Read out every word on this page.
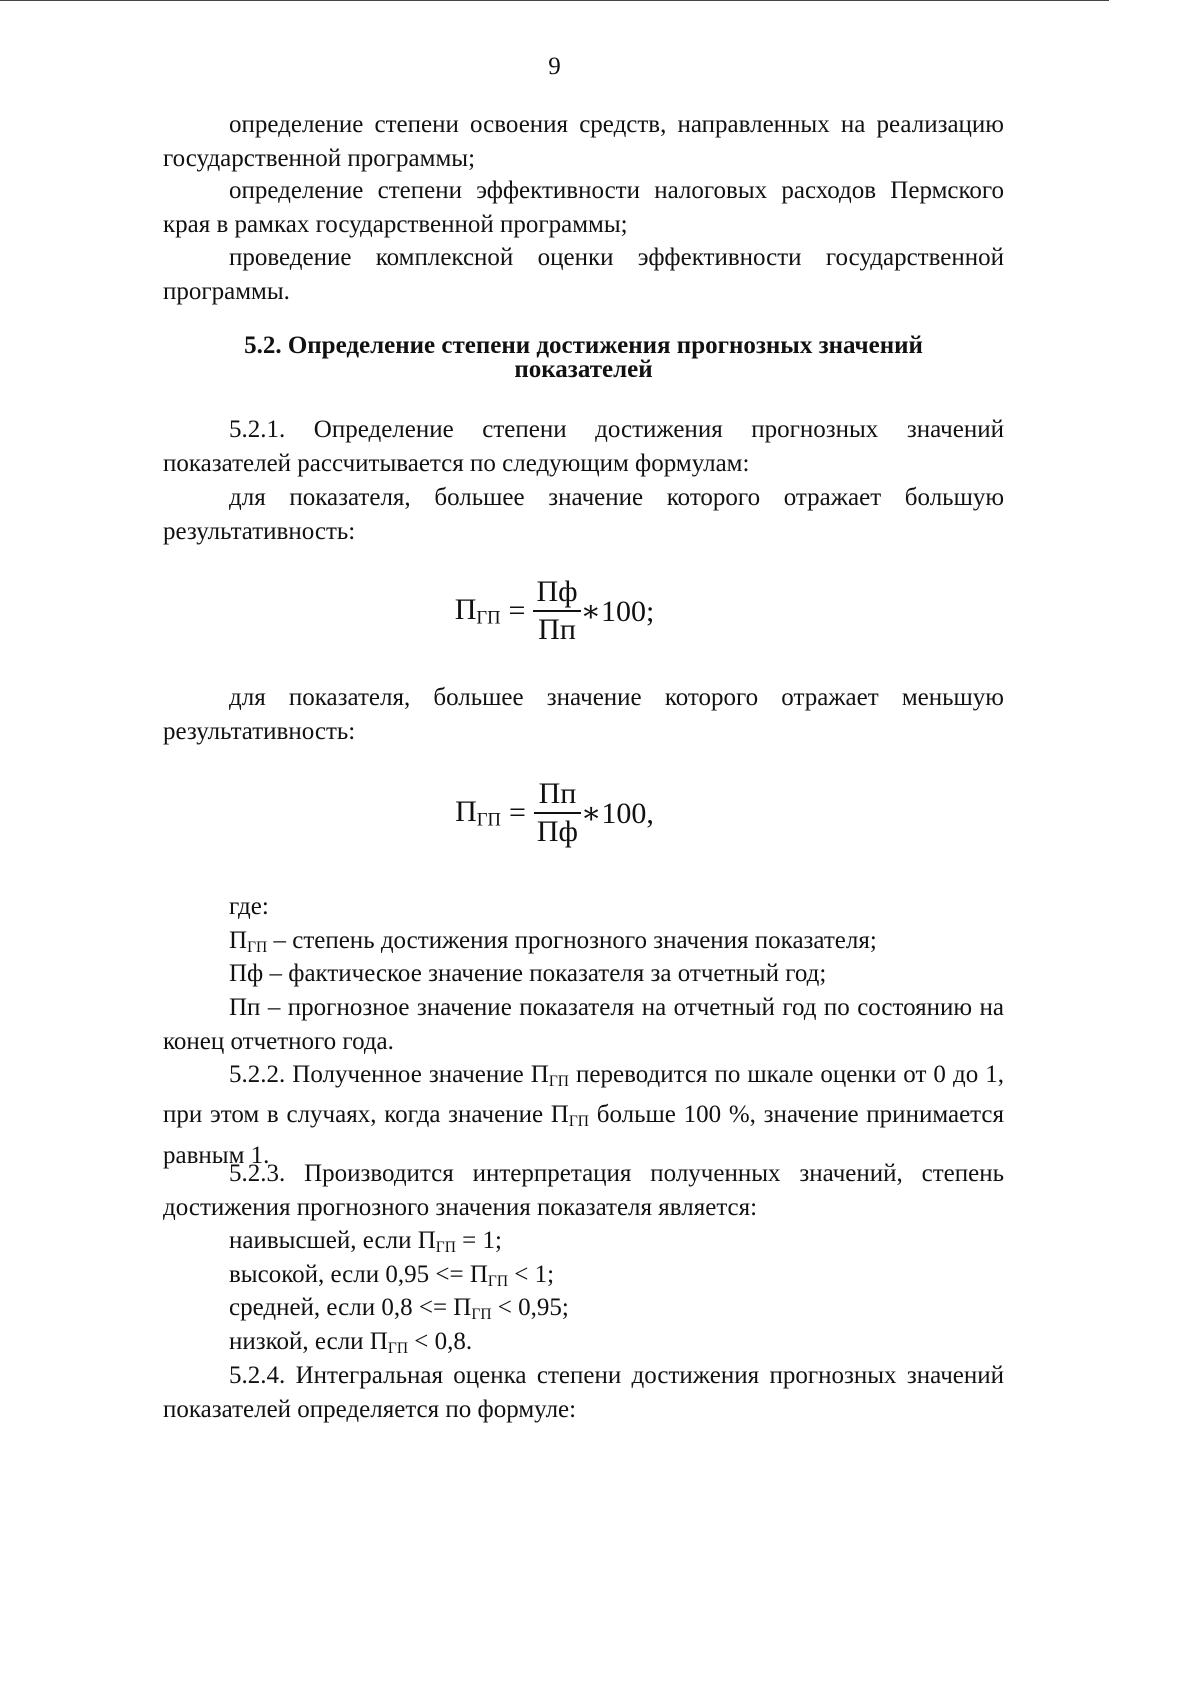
9
определение степени освоения средств, направленных на реализацию государственной программы;
определение степени эффективности налоговых расходов Пермского края в рамках государственной программы;
проведение комплексной оценки эффективности государственной программы.
5.2. Определение степени достижения прогнозных значений
показателей
5.2.1. Определение степени достижения прогнозных значений показателей рассчитывается по следующим формулам:
для показателя, большее значение которого отражает большую результативность:
$П_{ГП} = \frac{Пф}{Пп}$ ∗100;
для показателя, большее значение которого отражает меньшую результативность:
$П_{ГП} = \frac{Пп}{Пф}$ ∗100,
где:
$П_{ГП}$ – степень достижения прогнозного значения показателя;
Пф – фактическое значение показателя за отчетный год;
Пп – прогнозное значение показателя на отчетный год по состоянию на конец отчетного года.
5.2.2. Полученное значение $П_{ГП}$ переводится по шкале оценки от 0 до 1, при этом в случаях, когда значение $П_{ГП}$ больше 100 %, значение принимается равным 1.
5.2.3. Производится интерпретация полученных значений, степень достижения прогнозного значения показателя является:
наивысшей, если $П_{ГП} = 1$;
высокой, если $0,95 <= П_{ГП} < 1$;
средней, если $0,8 <= П_{ГП} < 0,95$;
низкой, если $П_{ГП} < 0,8$.
5.2.4. Интегральная оценка степени достижения прогнозных значений показателей определяется по формуле:
